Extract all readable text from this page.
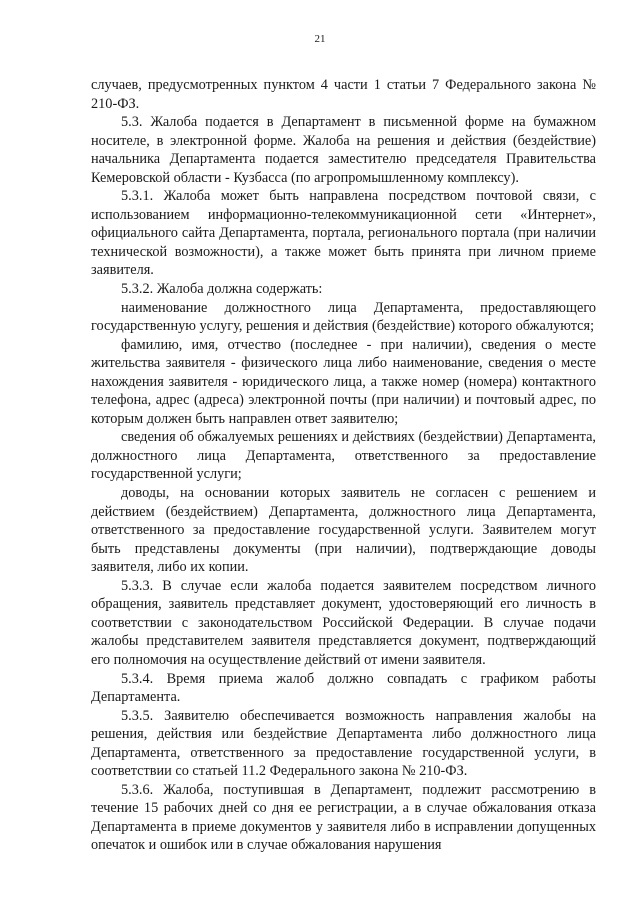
21

случаев, предусмотренных пунктом 4 части 1 статьи 7 Федерального закона № 210-ФЗ.

5.3. Жалоба подается в Департамент в письменной форме на бумажном носителе, в электронной форме. Жалоба на решения и действия (бездействие) начальника Департамента подается заместителю председателя Правительства Кемеровской области - Кузбасса (по агропромышленному комплексу).

5.3.1. Жалоба может быть направлена посредством почтовой связи, с использованием информационно-телекоммуникационной сети «Интернет», официального сайта Департамента, портала, регионального портала (при наличии технической возможности), а также может быть принята при личном приеме заявителя.

5.3.2. Жалоба должна содержать:

наименование должностного лица Департамента, предоставляющего государственную услугу, решения и действия (бездействие) которого обжалуются;

фамилию, имя, отчество (последнее - при наличии), сведения о месте жительства заявителя - физического лица либо наименование, сведения о месте нахождения заявителя - юридического лица, а также номер (номера) контактного телефона, адрес (адреса) электронной почты (при наличии) и почтовый адрес, по которым должен быть направлен ответ заявителю;

сведения об обжалуемых решениях и действиях (бездействии) Департамента, должностного лица Департамента, ответственного за предоставление государственной услуги;

доводы, на основании которых заявитель не согласен с решением и действием (бездействием) Департамента, должностного лица Департамента, ответственного за предоставление государственной услуги. Заявителем могут быть представлены документы (при наличии), подтверждающие доводы заявителя, либо их копии.

5.3.3. В случае если жалоба подается заявителем посредством личного обращения, заявитель представляет документ, удостоверяющий его личность в соответствии с законодательством Российской Федерации. В случае подачи жалобы представителем заявителя представляется документ, подтверждающий его полномочия на осуществление действий от имени заявителя.

5.3.4. Время приема жалоб должно совпадать с графиком работы Департамента.

5.3.5. Заявителю обеспечивается возможность направления жалобы на решения, действия или бездействие Департамента либо должностного лица Департамента, ответственного за предоставление государственной услуги, в соответствии со статьей 11.2 Федерального закона № 210-ФЗ.

5.3.6. Жалоба, поступившая в Департамент, подлежит рассмотрению в течение 15 рабочих дней со дня ее регистрации, а в случае обжалования отказа Департамента в приеме документов у заявителя либо в исправлении допущенных опечаток и ошибок или в случае обжалования нарушения
